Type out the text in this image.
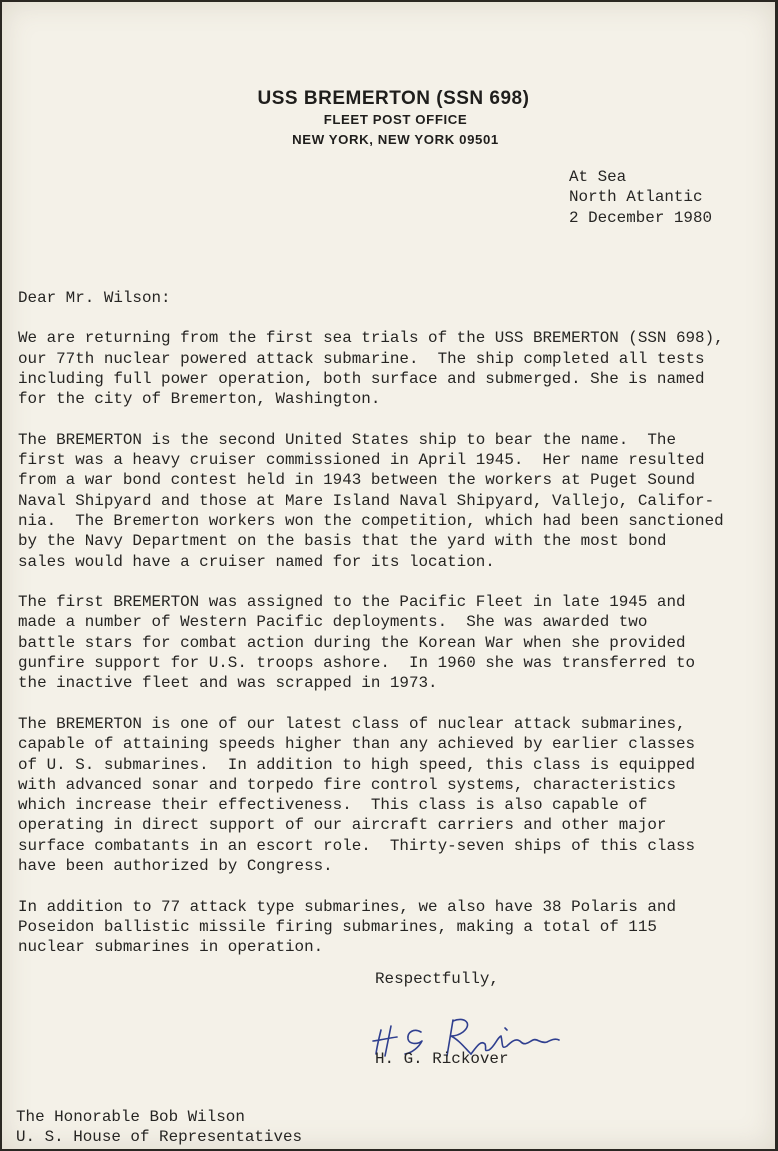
USS BREMERTON (SSN 698)
FLEET POST OFFICE
NEW YORK, NEW YORK 09501
At Sea
North Atlantic
2 December 1980
Dear Mr. Wilson:
We are returning from the first sea trials of the USS BREMERTON (SSN 698),
our 77th nuclear powered attack submarine.  The ship completed all tests
including full power operation, both surface and submerged. She is named
for the city of Bremerton, Washington.
The BREMERTON is the second United States ship to bear the name.  The
first was a heavy cruiser commissioned in April 1945.  Her name resulted
from a war bond contest held in 1943 between the workers at Puget Sound
Naval Shipyard and those at Mare Island Naval Shipyard, Vallejo, Califor-
nia.  The Bremerton workers won the competition, which had been sanctioned
by the Navy Department on the basis that the yard with the most bond
sales would have a cruiser named for its location.
The first BREMERTON was assigned to the Pacific Fleet in late 1945 and
made a number of Western Pacific deployments.  She was awarded two
battle stars for combat action during the Korean War when she provided
gunfire support for U.S. troops ashore.  In 1960 she was transferred to
the inactive fleet and was scrapped in 1973.
The BREMERTON is one of our latest class of nuclear attack submarines,
capable of attaining speeds higher than any achieved by earlier classes
of U. S. submarines.  In addition to high speed, this class is equipped
with advanced sonar and torpedo fire control systems, characteristics
which increase their effectiveness.  This class is also capable of
operating in direct support of our aircraft carriers and other major
surface combatants in an escort role.  Thirty-seven ships of this class
have been authorized by Congress.
In addition to 77 attack type submarines, we also have 38 Polaris and
Poseidon ballistic missile firing submarines, making a total of 115
nuclear submarines in operation.
Respectfully,
H. G. Rickover
The Honorable Bob Wilson
U. S. House of Representatives
